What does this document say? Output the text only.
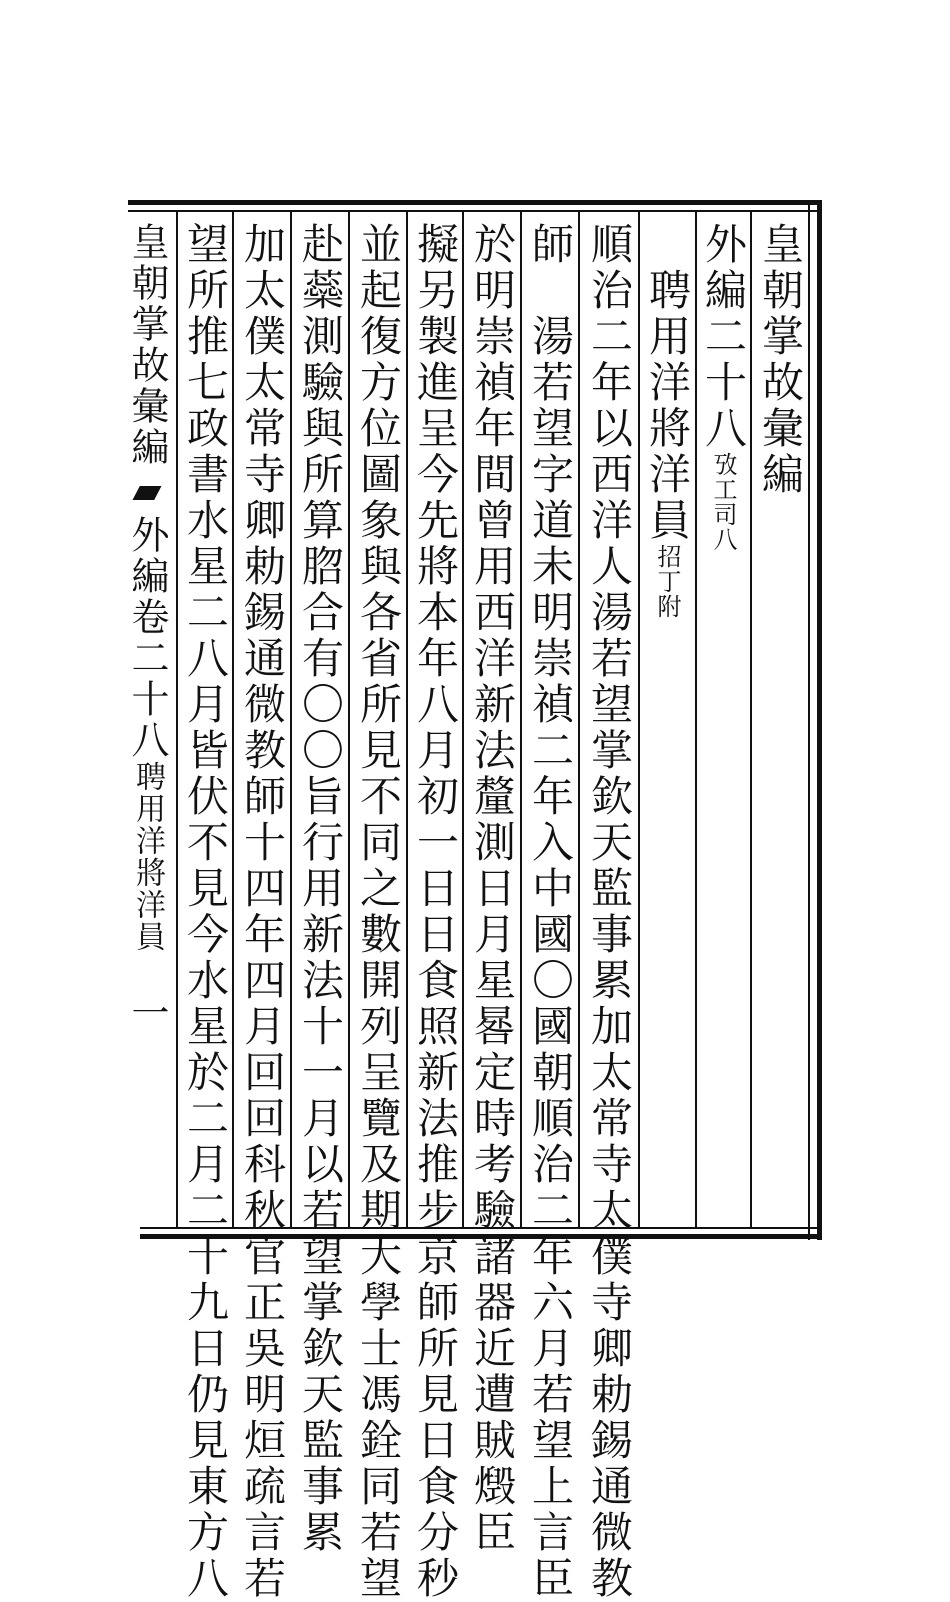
皇朝掌故彙編
外編二十八攷工司八
聘用洋將洋員招丁附
順治二年以西洋人湯若望掌欽天監事累加太常寺太僕寺卿勅錫通微教
師　湯若望字道未明崇禎二年入中國〇國朝順治二年六月若望上言臣
於明崇禎年間曾用西洋新法釐測日月星晷定時考驗諸器近遭賊燬臣
擬另製進呈今先將本年八月初一日日食照新法推步京師所見日食分秒
並起復方位圖象與各省所見不同之數開列呈覽及期大學士馮銓同若望
赴蘂測驗與所算脗合有〇〇旨行用新法十一月以若望掌欽天監事累
加太僕太常寺卿勅錫通微教師十四年四月回回科秋官正吳明烜疏言若
望所推七政書水星二八月皆伏不見今水星於二月二十九日仍見東方八
皇朝掌故彙編▰外編卷二十八聘用洋將洋員一
